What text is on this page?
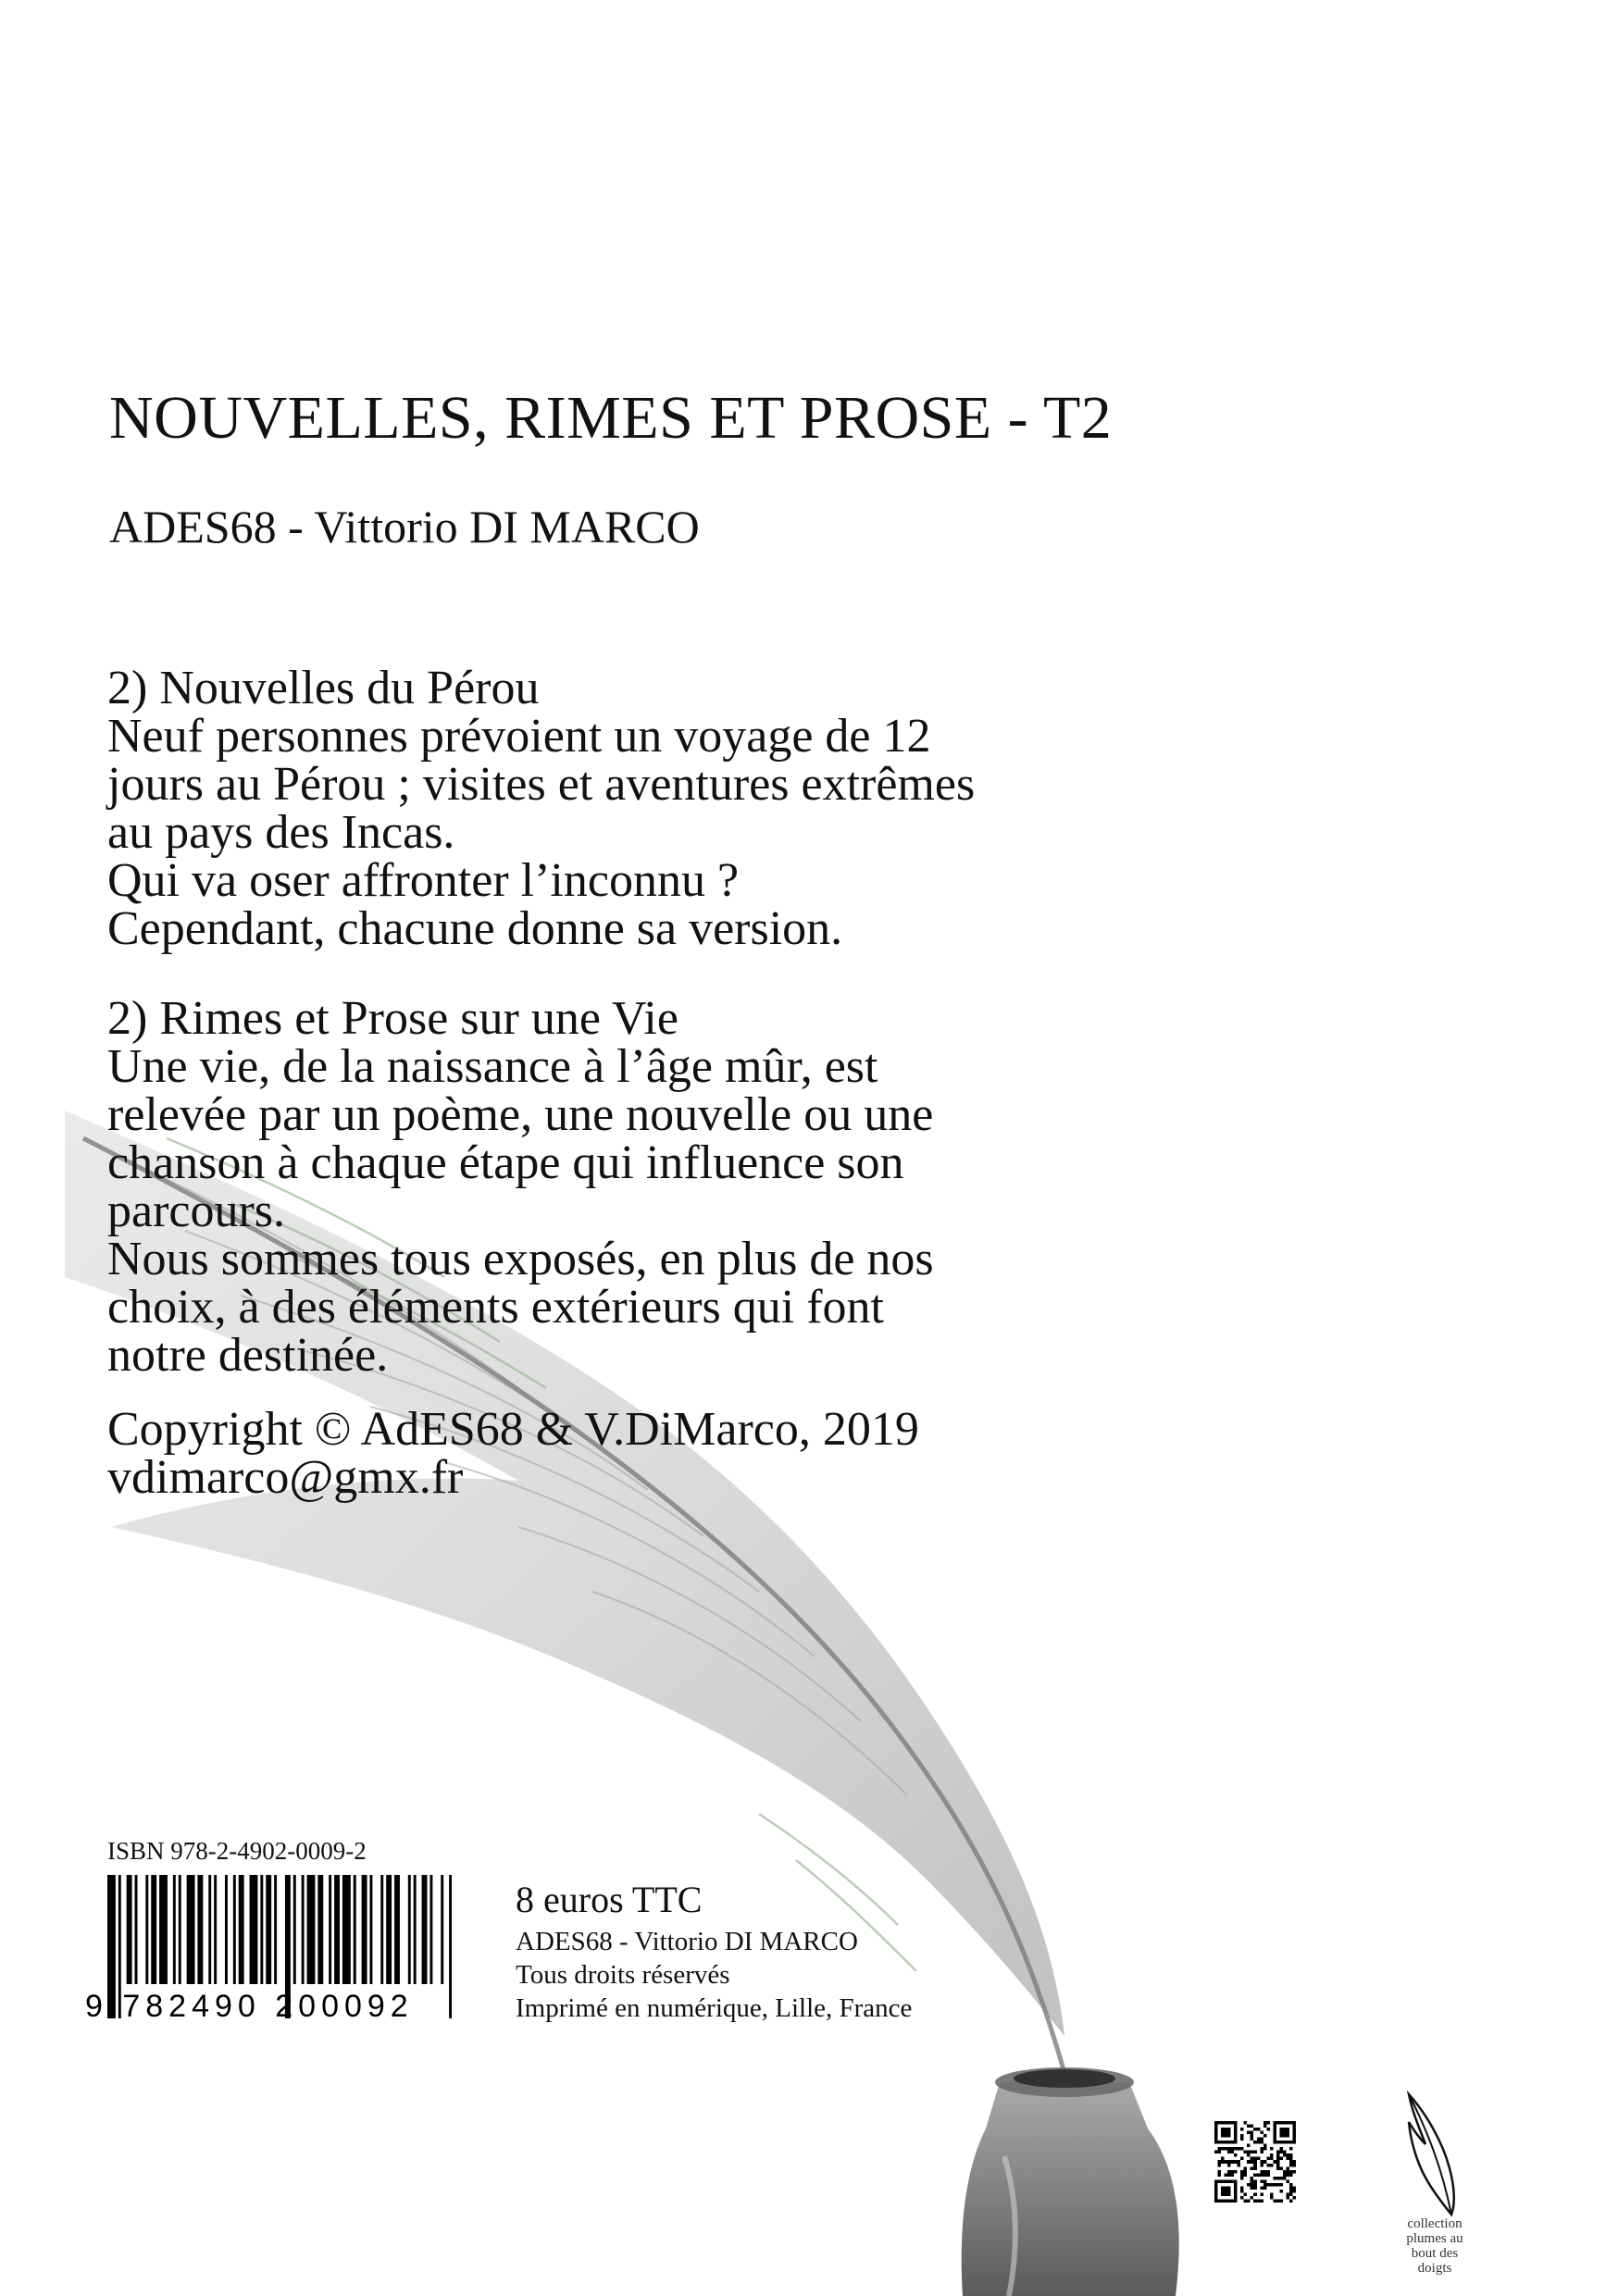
NOUVELLES, RIMES ET PROSE - T2
ADES68 - Vittorio DI MARCO
2) Nouvelles du Pérou
Neuf personnes prévoient un voyage de 12
jours au Pérou ; visites et aventures extrêmes
au pays des Incas.
Qui va oser affronter l’inconnu ?
Cependant, chacune donne sa version.
2) Rimes et Prose sur une Vie
Une vie, de la naissance à l’âge mûr, est
relevée par un poème, une nouvelle ou une
chanson à chaque étape qui influence son
parcours.
Nous sommes tous exposés, en plus de nos
choix, à des éléments extérieurs qui font
notre destinée.
Copyright © AdES68 & V.DiMarco, 2019
vdimarco@gmx.fr
ISBN 978-2-4902-0009-2
9 782490 200092
8 euros TTC
ADES68 - Vittorio DI MARCO
Tous droits réservés
Imprimé en numérique, Lille, France
collection
plumes au
bout des
doigts
